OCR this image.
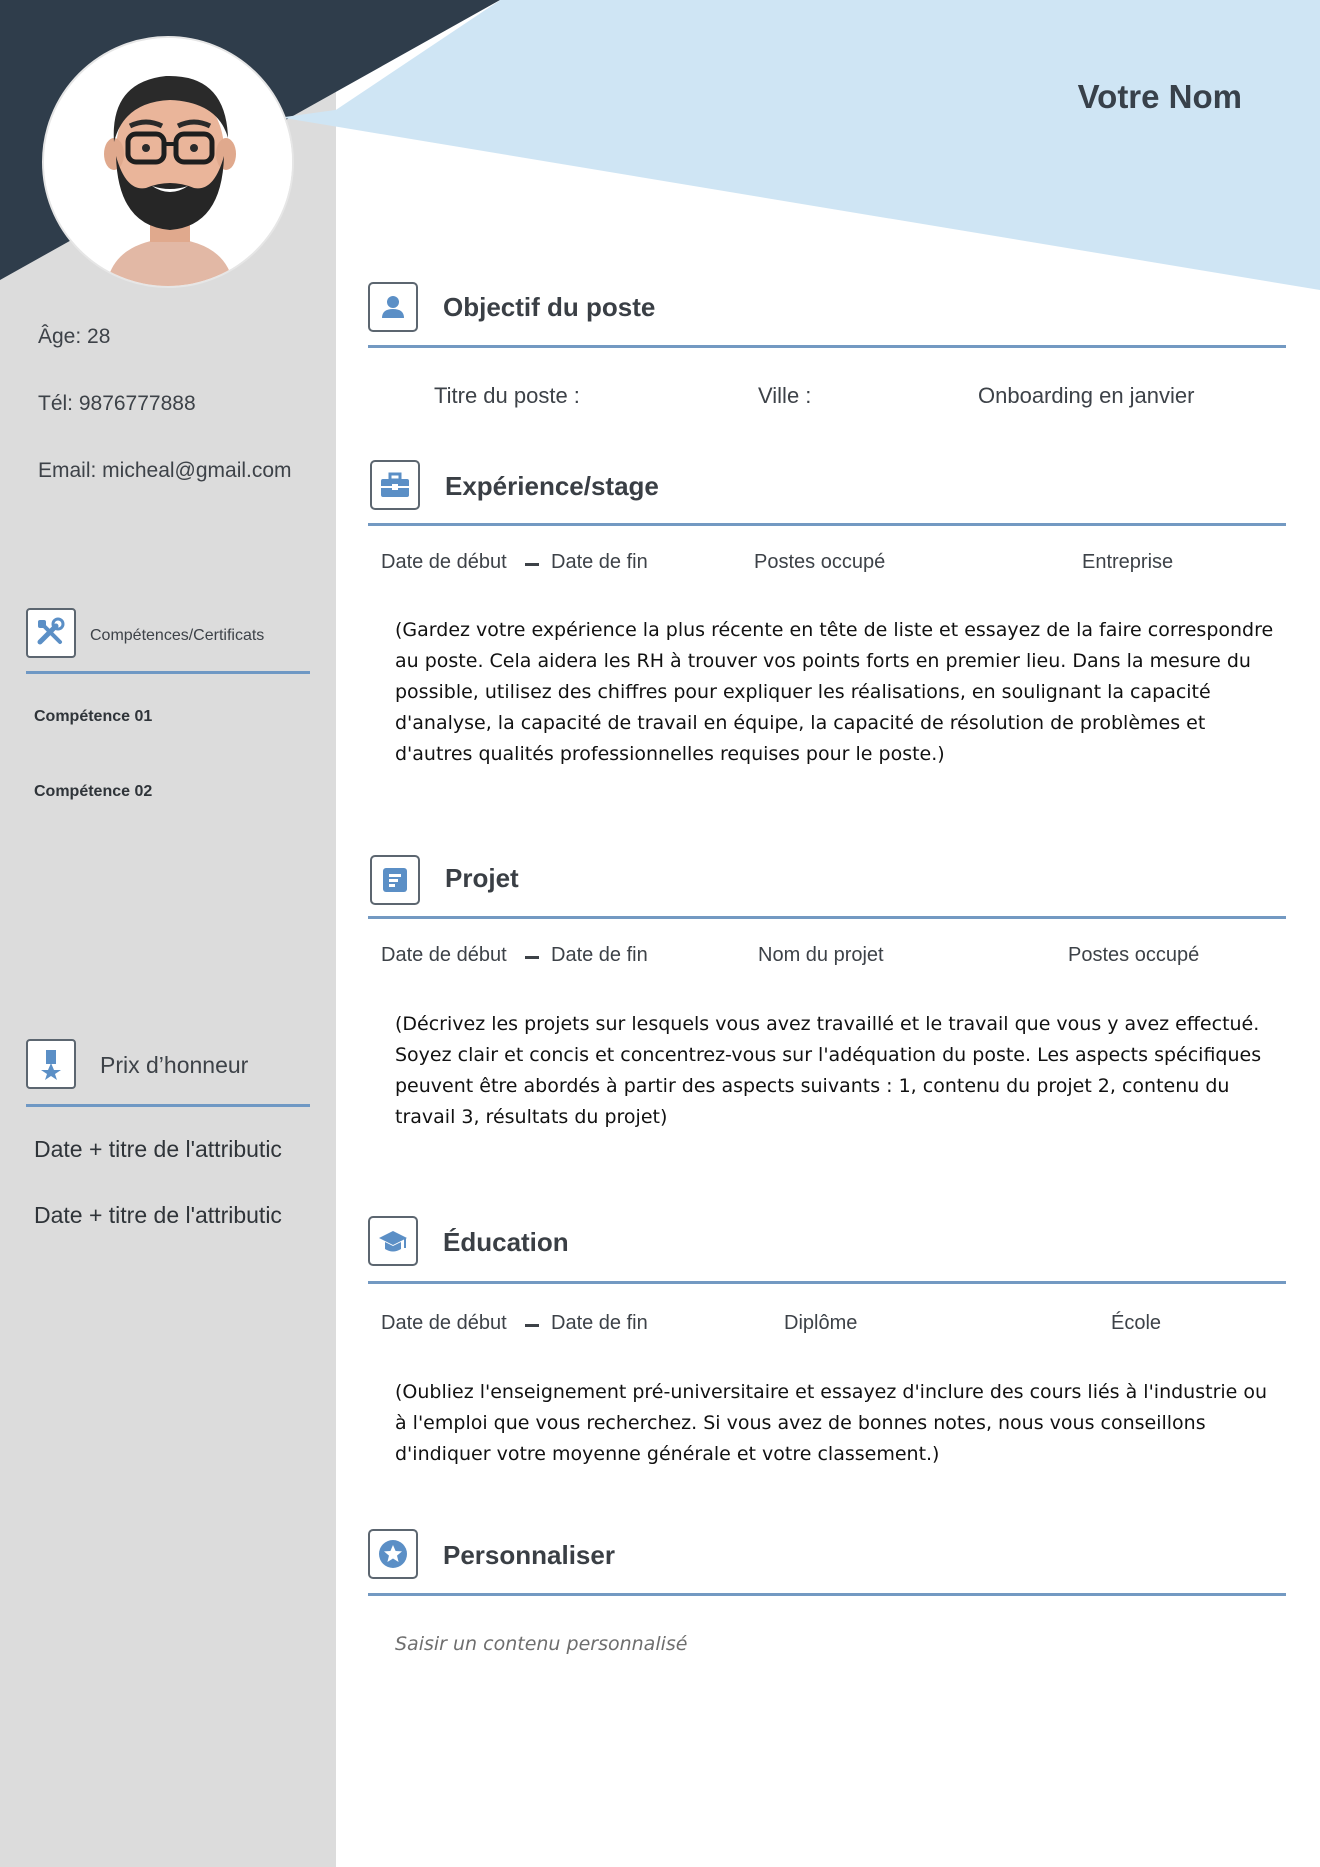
Votre Nom
Âge: 28
Tél: 9876777888
Email: micheal@gmail.com
Compétences/Certificats
Compétence 01
Compétence 02
Prix d’honneur
Date + titre de l'attributic
Date + titre de l'attributic
Objectif du poste
Titre du poste :	Ville :	Onboarding en janvier
Expérience/stage
Date de début Date de fin	Postes occupé	Entreprise
(Gardez votre expérience la plus récente en tête de liste et essayez de la faire correspondre au poste. Cela aidera les RH à trouver vos points forts en premier lieu. Dans la mesure du possible, utilisez des chiffres pour expliquer les réalisations, en soulignant la capacité d'analyse, la capacité de travail en équipe, la capacité de résolution de problèmes et d'autres qualités professionnelles requises pour le poste.)
Projet
Date de début Date de fin	Nom du projet	Postes occupé
(Décrivez les projets sur lesquels vous avez travaillé et le travail que vous y avez effectué. Soyez clair et concis et concentrez-vous sur l'adéquation du poste. Les aspects spécifiques peuvent être abordés à partir des aspects suivants : 1, contenu du projet 2, contenu du travail 3, résultats du projet)
Éducation
Date de début Date de fin	Diplôme	École
(Oubliez l'enseignement pré-universitaire et essayez d'inclure des cours liés à l'industrie ou à l'emploi que vous recherchez. Si vous avez de bonnes notes, nous vous conseillons d'indiquer votre moyenne générale et votre classement.)
Personnaliser
Saisir un contenu personnalisé
